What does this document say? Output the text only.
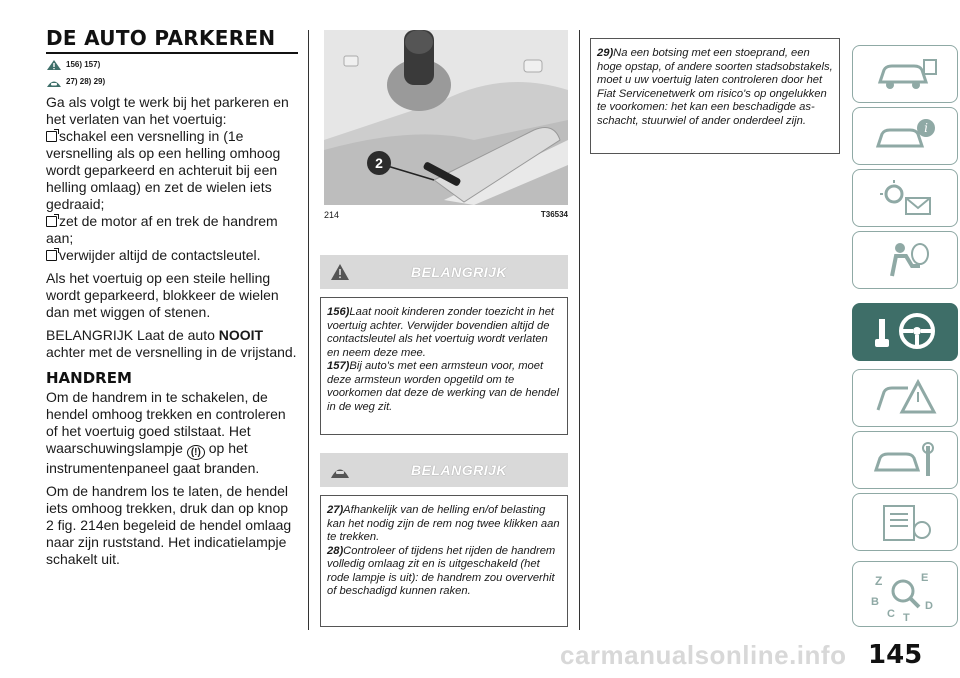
DE AUTO PARKEREN
156) 157)
27) 28) 29)

Ga als volgt te werk bij het parkeren en het verlaten van het voertuig:

schakel een versnelling in (1e versnelling als op een helling omhoog wordt geparkeerd en achteruit bij een helling omlaag) en zet de wielen iets gedraaid;
zet de motor af en trek de handrem aan;
verwijder altijd de contactsleutel.

Als het voertuig op een steile helling wordt geparkeerd, blokkeer de wielen dan met wiggen of stenen.

BELANGRIJK Laat de auto NOOIT achter met de versnelling in de vrijstand.

HANDREM

Om de handrem in te schakelen, de hendel omhoog trekken en controleren of het voertuig goed stilstaat. Het waarschuwingslampje (!) op het instrumentenpaneel gaat branden.

Om de handrem los te laten, de hendel iets omhoog trekken, druk dan op knop 2 fig. 214en begeleid de hendel omlaag naar zijn ruststand. Het indicatielampje schakelt uit.

2
214	T36534
BELANGRIJK
156)Laat nooit kinderen zonder toezicht in het voertuig achter. Verwijder bovendien altijd de contactsleutel als het voertuig wordt verlaten en neem deze mee.
157)Bij auto's met een armsteun voor, moet deze armsteun worden opgetild om te voorkomen dat deze de werking van de hendel in de weg zit.
BELANGRIJK
27)Afhankelijk van de helling en/of belasting kan het nodig zijn de rem nog twee klikken aan te trekken.
28)Controleer of tijdens het rijden de handrem volledig omlaag zit en is uitgeschakeld (het rode lampje is uit): de handrem zou oververhit of beschadigd kunnen raken.
29)Na een botsing met een stoeprand, een hoge opstap, of andere soorten stadsobstakels, moet u uw voertuig laten controleren door het Fiat Servicenetwerk om risico's op ongelukken te voorkomen: het kan een beschadigde as-schacht, stuurwiel of ander onderdeel zijn.
i
Z	E
B	D
C T
carmanualsonline.info 145
